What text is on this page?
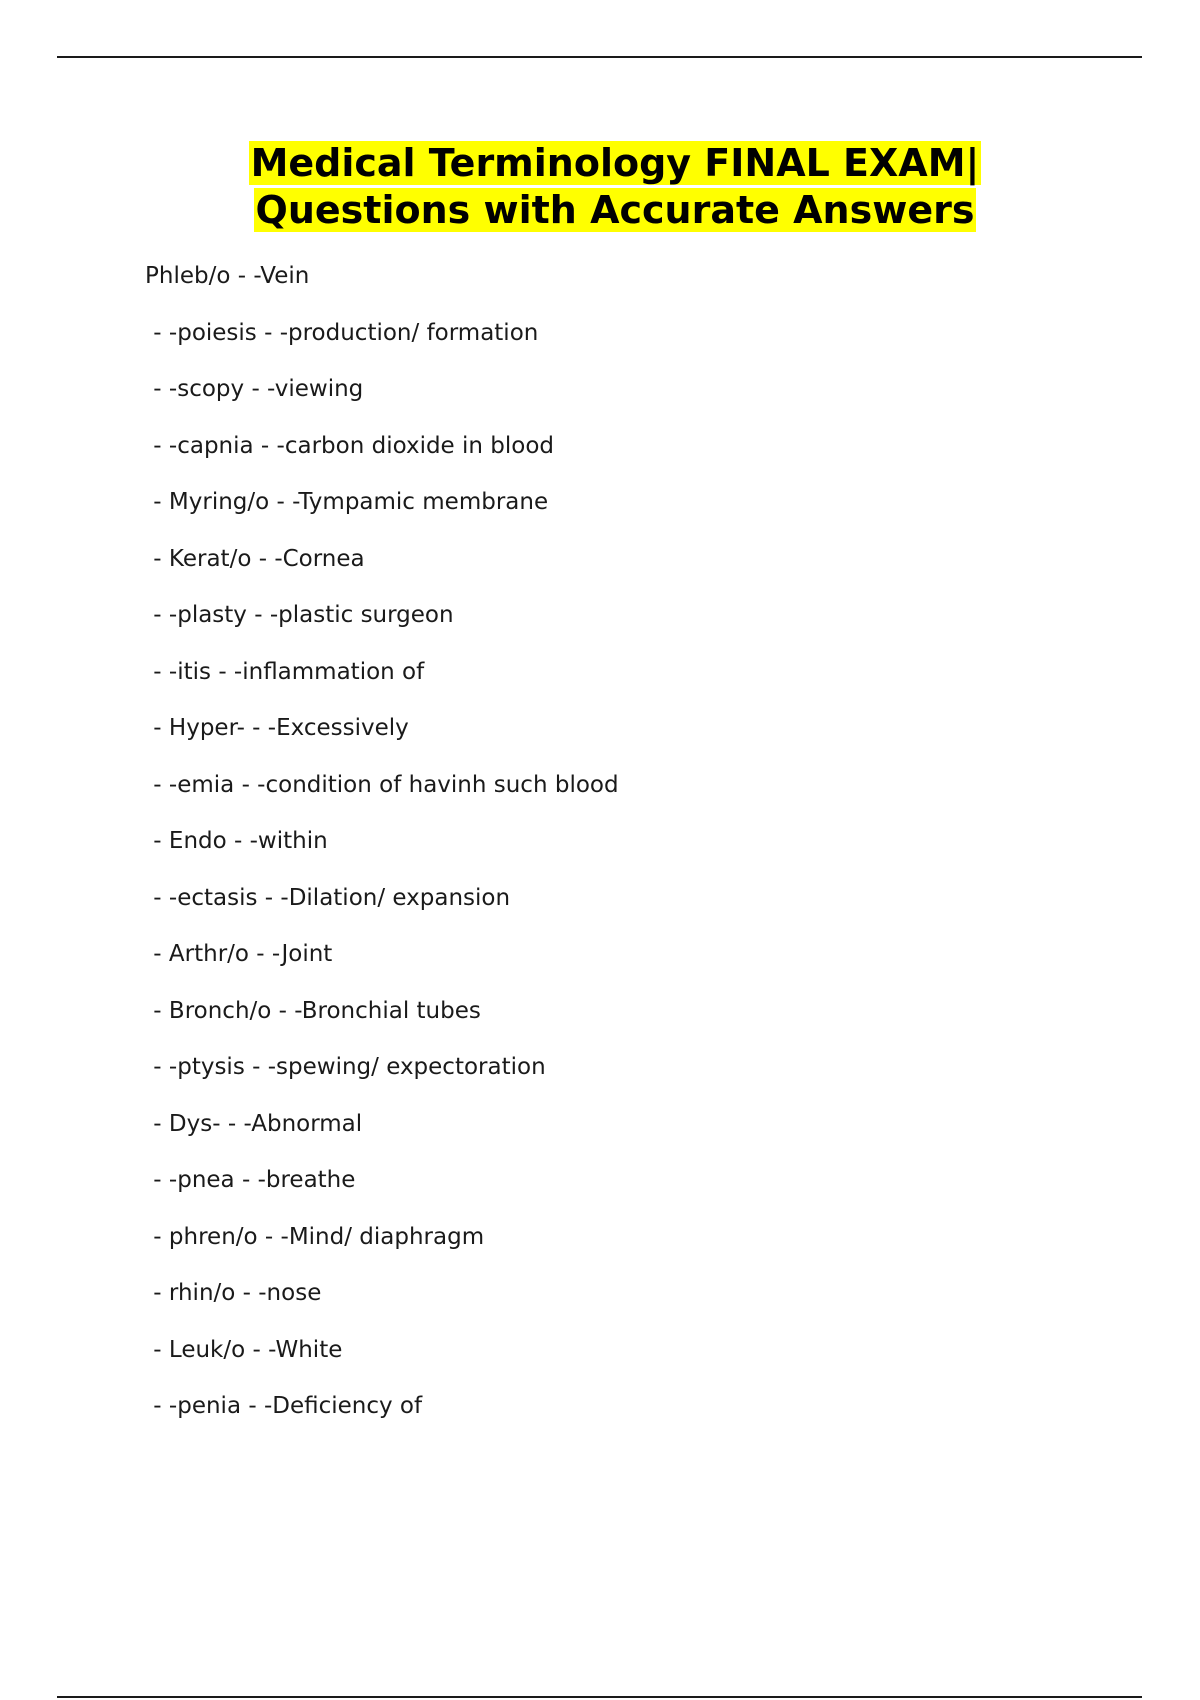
Medical Terminology FINAL EXAM|
Questions with Accurate Answers
Phleb/o - -Vein
- -poiesis - -production/ formation
- -scopy - -viewing
- -capnia - -carbon dioxide in blood
- Myring/o - -Tympamic membrane
- Kerat/o - -Cornea
- -plasty - -plastic surgeon
- -itis - -inflammation of
- Hyper- - -Excessively
- -emia - -condition of havinh such blood
- Endo - -within
- -ectasis - -Dilation/ expansion
- Arthr/o - -Joint
- Bronch/o - -Bronchial tubes
- -ptysis - -spewing/ expectoration
- Dys- - -Abnormal
- -pnea - -breathe
- phren/o - -Mind/ diaphragm
- rhin/o - -nose
- Leuk/o - -White
- -penia - -Deficiency of
